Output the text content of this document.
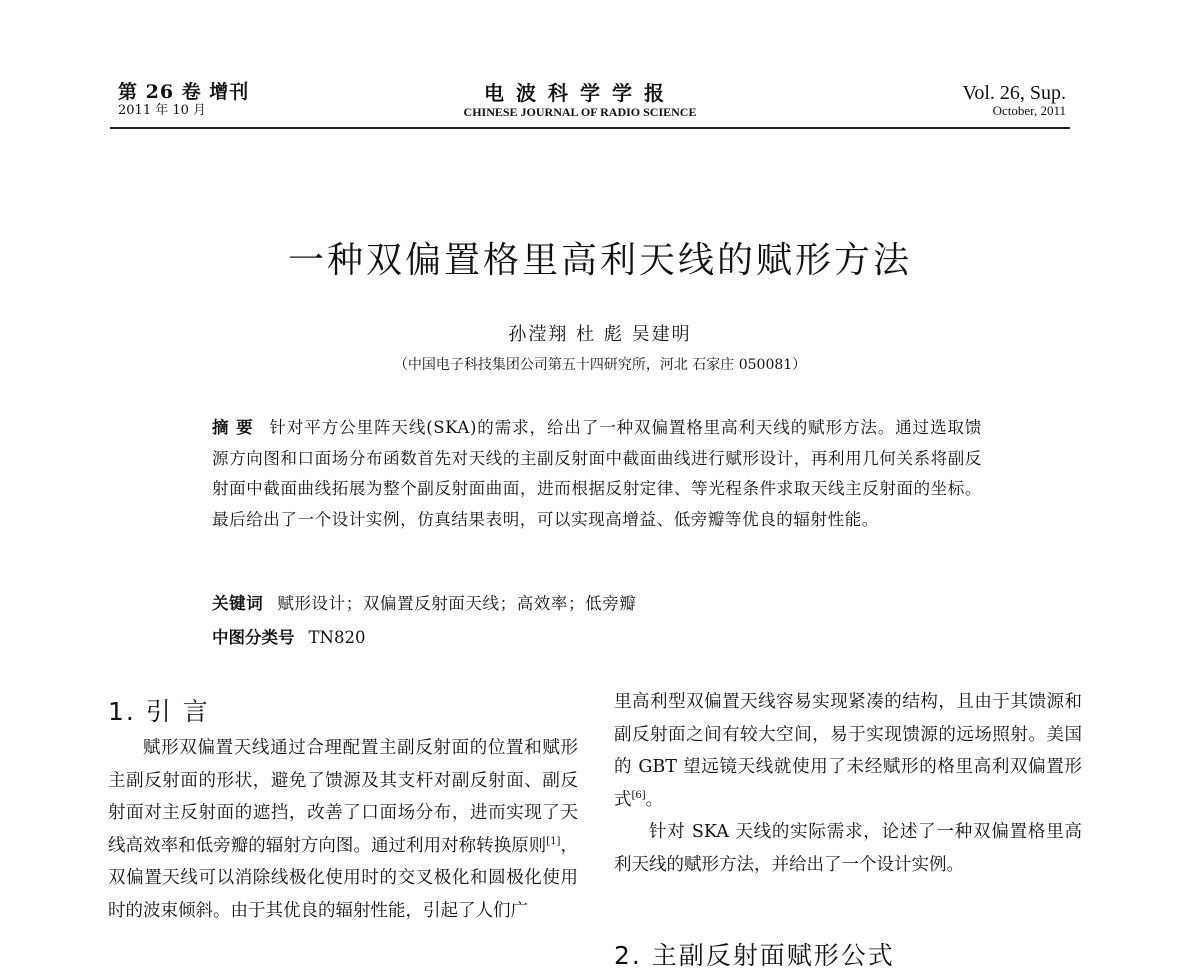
第 26 卷 增刊
2011 年 10 月
电波科学学报
CHINESE JOURNAL OF RADIO SCIENCE
Vol. 26, Sup.
October, 2011
一种双偏置格里高利天线的赋形方法
孙滢翔 杜 彪 吴建明
（中国电子科技集团公司第五十四研究所，河北 石家庄 050081）
摘 要 针对平方公里阵天线(SKA)的需求，给出了一种双偏置格里高利天线的赋形方法。通过选取馈源方向图和口面场分布函数首先对天线的主副反射面中截面曲线进行赋形设计，再利用几何关系将副反射面中截面曲线拓展为整个副反射面曲面，进而根据反射定律、等光程条件求取天线主反射面的坐标。最后给出了一个设计实例，仿真结果表明，可以实现高增益、低旁瓣等优良的辐射性能。
关键词 赋形设计；双偏置反射面天线；高效率；低旁瓣
中图分类号 TN820
1. 引 言

赋形双偏置天线通过合理配置主副反射面的位置和赋形主副反射面的形状，避免了馈源及其支杆对副反射面、副反射面对主反射面的遮挡，改善了口面场分布，进而实现了天线高效率和低旁瓣的辐射方向图。通过利用对称转换原则[1]，双偏置天线可以消除线极化使用时的交叉极化和圆极化使用时的波束倾斜。由于其优良的辐射性能，引起了人们广

里高利型双偏置天线容易实现紧凑的结构，且由于其馈源和副反射面之间有较大空间，易于实现馈源的远场照射。美国的 GBT 望远镜天线就使用了未经赋形的格里高利双偏置形式[6]。

针对 SKA 天线的实际需求，论述了一种双偏置格里高利天线的赋形方法，并给出了一个设计实例。

2. 主副反射面赋形公式
